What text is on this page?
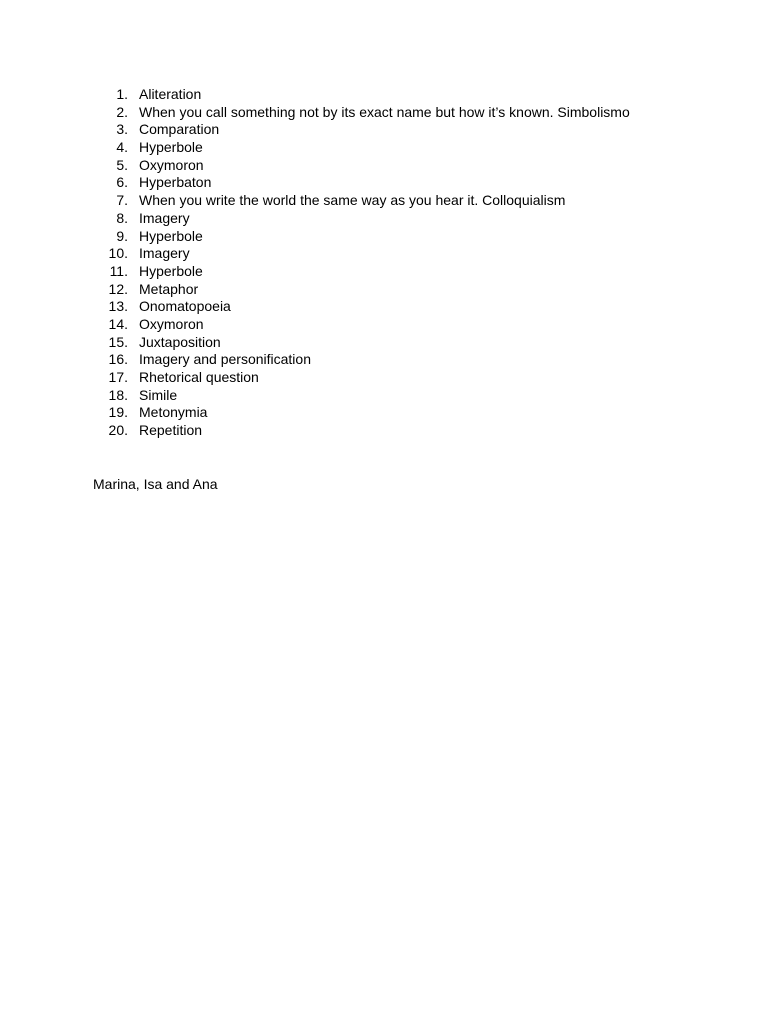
1. Aliteration
2. When you call something not by its exact name but how it’s known. Simbolismo
3. Comparation
4. Hyperbole
5. Oxymoron
6. Hyperbaton
7. When you write the world the same way as you hear it. Colloquialism
8. Imagery
9. Hyperbole
10. Imagery
11. Hyperbole
12. Metaphor
13. Onomatopoeia
14. Oxymoron
15. Juxtaposition
16. Imagery and personification
17. Rhetorical question
18. Simile
19. Metonymia
20. Repetition
Marina, Isa and Ana
